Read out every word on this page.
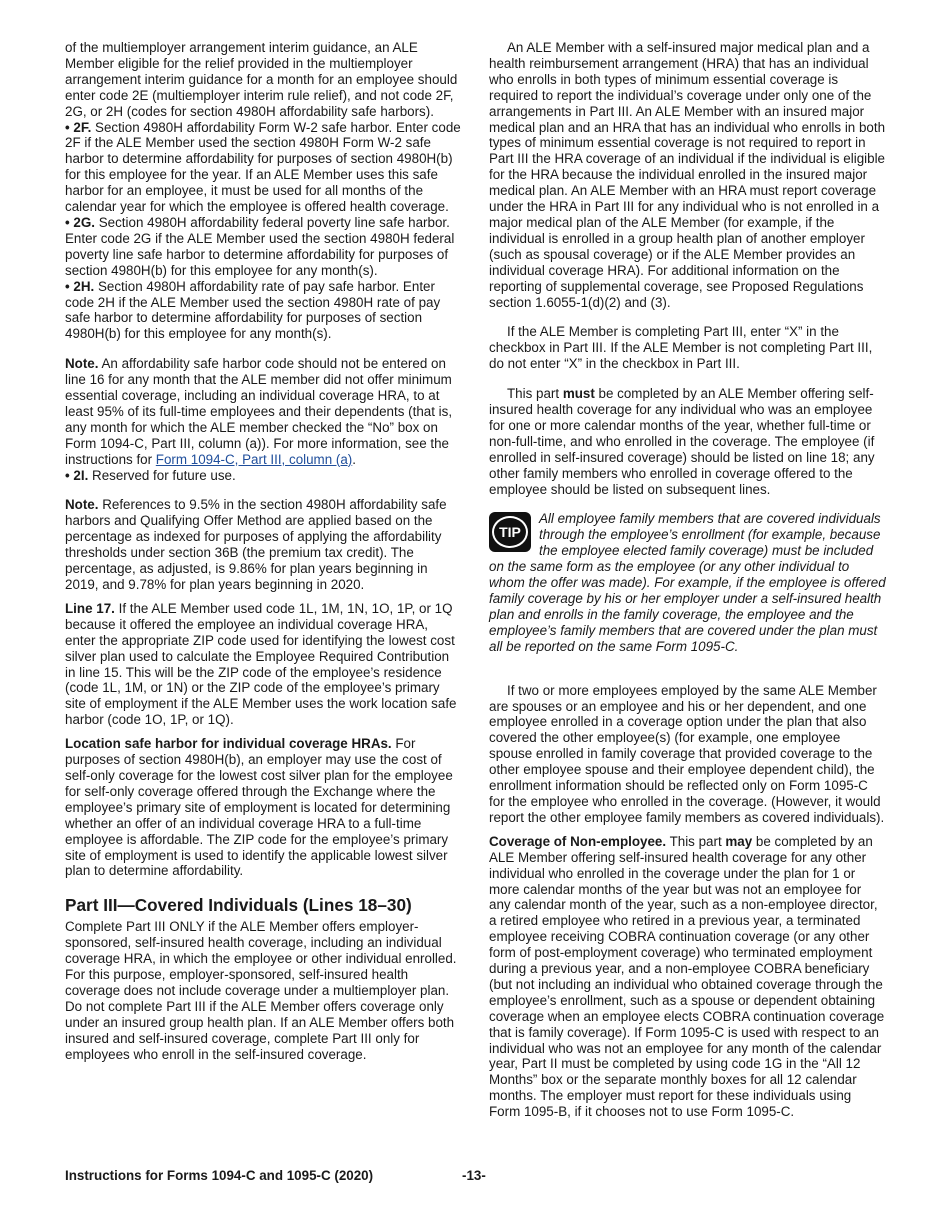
of the multiemployer arrangement interim guidance, an ALE Member eligible for the relief provided in the multiemployer arrangement interim guidance for a month for an employee should enter code 2E (multiemployer interim rule relief), and not code 2F, 2G, or 2H (codes for section 4980H affordability safe harbors).

• 2F. Section 4980H affordability Form W-2 safe harbor. Enter code 2F if the ALE Member used the section 4980H Form W-2 safe harbor to determine affordability for purposes of section 4980H(b) for this employee for the year. If an ALE Member uses this safe harbor for an employee, it must be used for all months of the calendar year for which the employee is offered health coverage.

• 2G. Section 4980H affordability federal poverty line safe harbor. Enter code 2G if the ALE Member used the section 4980H federal poverty line safe harbor to determine affordability for purposes of section 4980H(b) for this employee for any month(s).

• 2H. Section 4980H affordability rate of pay safe harbor. Enter code 2H if the ALE Member used the section 4980H rate of pay safe harbor to determine affordability for purposes of section 4980H(b) for this employee for any month(s).

Note. An affordability safe harbor code should not be entered on line 16 for any month that the ALE member did not offer minimum essential coverage, including an individual coverage HRA, to at least 95% of its full-time employees and their dependents (that is, any month for which the ALE member checked the “No” box on Form 1094-C, Part III, column (a)). For more information, see the instructions for Form 1094-C, Part III, column (a).

• 2I. Reserved for future use.

Note. References to 9.5% in the section 4980H affordability safe harbors and Qualifying Offer Method are applied based on the percentage as indexed for purposes of applying the affordability thresholds under section 36B (the premium tax credit). The percentage, as adjusted, is 9.86% for plan years beginning in 2019, and 9.78% for plan years beginning in 2020.

Line 17. If the ALE Member used code 1L, 1M, 1N, 1O, 1P, or 1Q because it offered the employee an individual coverage HRA, enter the appropriate ZIP code used for identifying the lowest cost silver plan used to calculate the Employee Required Contribution in line 15. This will be the ZIP code of the employee’s residence (code 1L, 1M, or 1N) or the ZIP code of the employee’s primary site of employment if the ALE Member uses the work location safe harbor (code 1O, 1P, or 1Q).

Location safe harbor for individual coverage HRAs. For purposes of section 4980H(b), an employer may use the cost of self-only coverage for the lowest cost silver plan for the employee for self-only coverage offered through the Exchange where the employee’s primary site of employment is located for determining whether an offer of an individual coverage HRA to a full-time employee is affordable. The ZIP code for the employee’s primary site of employment is used to identify the applicable lowest silver plan to determine affordability.

Part III—Covered Individuals (Lines 18–30)

Complete Part III ONLY if the ALE Member offers employer-sponsored, self-insured health coverage, including an individual coverage HRA, in which the employee or other individual enrolled. For this purpose, employer-sponsored, self-insured health coverage does not include coverage under a multiemployer plan. Do not complete Part III if the ALE Member offers coverage only under an insured group health plan. If an ALE Member offers both insured and self-insured coverage, complete Part III only for employees who enroll in the self-insured coverage.

An ALE Member with a self-insured major medical plan and a health reimbursement arrangement (HRA) that has an individual who enrolls in both types of minimum essential coverage is required to report the individual’s coverage under only one of the arrangements in Part III. An ALE Member with an insured major medical plan and an HRA that has an individual who enrolls in both types of minimum essential coverage is not required to report in Part III the HRA coverage of an individual if the individual is eligible for the HRA because the individual enrolled in the insured major medical plan. An ALE Member with an HRA must report coverage under the HRA in Part III for any individual who is not enrolled in a major medical plan of the ALE Member (for example, if the individual is enrolled in a group health plan of another employer (such as spousal coverage) or if the ALE Member provides an individual coverage HRA). For additional information on the reporting of supplemental coverage, see Proposed Regulations section 1.6055-1(d)(2) and (3).

If the ALE Member is completing Part III, enter “X” in the checkbox in Part III. If the ALE Member is not completing Part III, do not enter “X” in the checkbox in Part III.

This part must be completed by an ALE Member offering self-insured health coverage for any individual who was an employee for one or more calendar months of the year, whether full-time or non-full-time, and who enrolled in the coverage. The employee (if enrolled in self-insured coverage) should be listed on line 18; any other family members who enrolled in coverage offered to the employee should be listed on subsequent lines.

TIP

All employee family members that are covered individuals through the employee’s enrollment (for example, because the employee elected family coverage) must be included on the same form as the employee (or any other individual to whom the offer was made). For example, if the employee is offered family coverage by his or her employer under a self-insured health plan and enrolls in the family coverage, the employee and the employee’s family members that are covered under the plan must all be reported on the same Form 1095-C.

If two or more employees employed by the same ALE Member are spouses or an employee and his or her dependent, and one employee enrolled in a coverage option under the plan that also covered the other employee(s) (for example, one employee spouse enrolled in family coverage that provided coverage to the other employee spouse and their employee dependent child), the enrollment information should be reflected only on Form 1095-C for the employee who enrolled in the coverage. (However, it would report the other employee family members as covered individuals).

Coverage of Non-employee. This part may be completed by an ALE Member offering self-insured health coverage for any other individual who enrolled in the coverage under the plan for 1 or more calendar months of the year but was not an employee for any calendar month of the year, such as a non-employee director, a retired employee who retired in a previous year, a terminated employee receiving COBRA continuation coverage (or any other form of post-employment coverage) who terminated employment during a previous year, and a non-employee COBRA beneficiary (but not including an individual who obtained coverage through the employee’s enrollment, such as a spouse or dependent obtaining coverage when an employee elects COBRA continuation coverage that is family coverage). If Form 1095-C is used with respect to an individual who was not an employee for any month of the calendar year, Part II must be completed by using code 1G in the “All 12 Months” box or the separate monthly boxes for all 12 calendar months. The employer must report for these individuals using Form 1095-B, if it chooses not to use Form 1095-C.

Instructions for Forms 1094-C and 1095-C (2020)	-13-
